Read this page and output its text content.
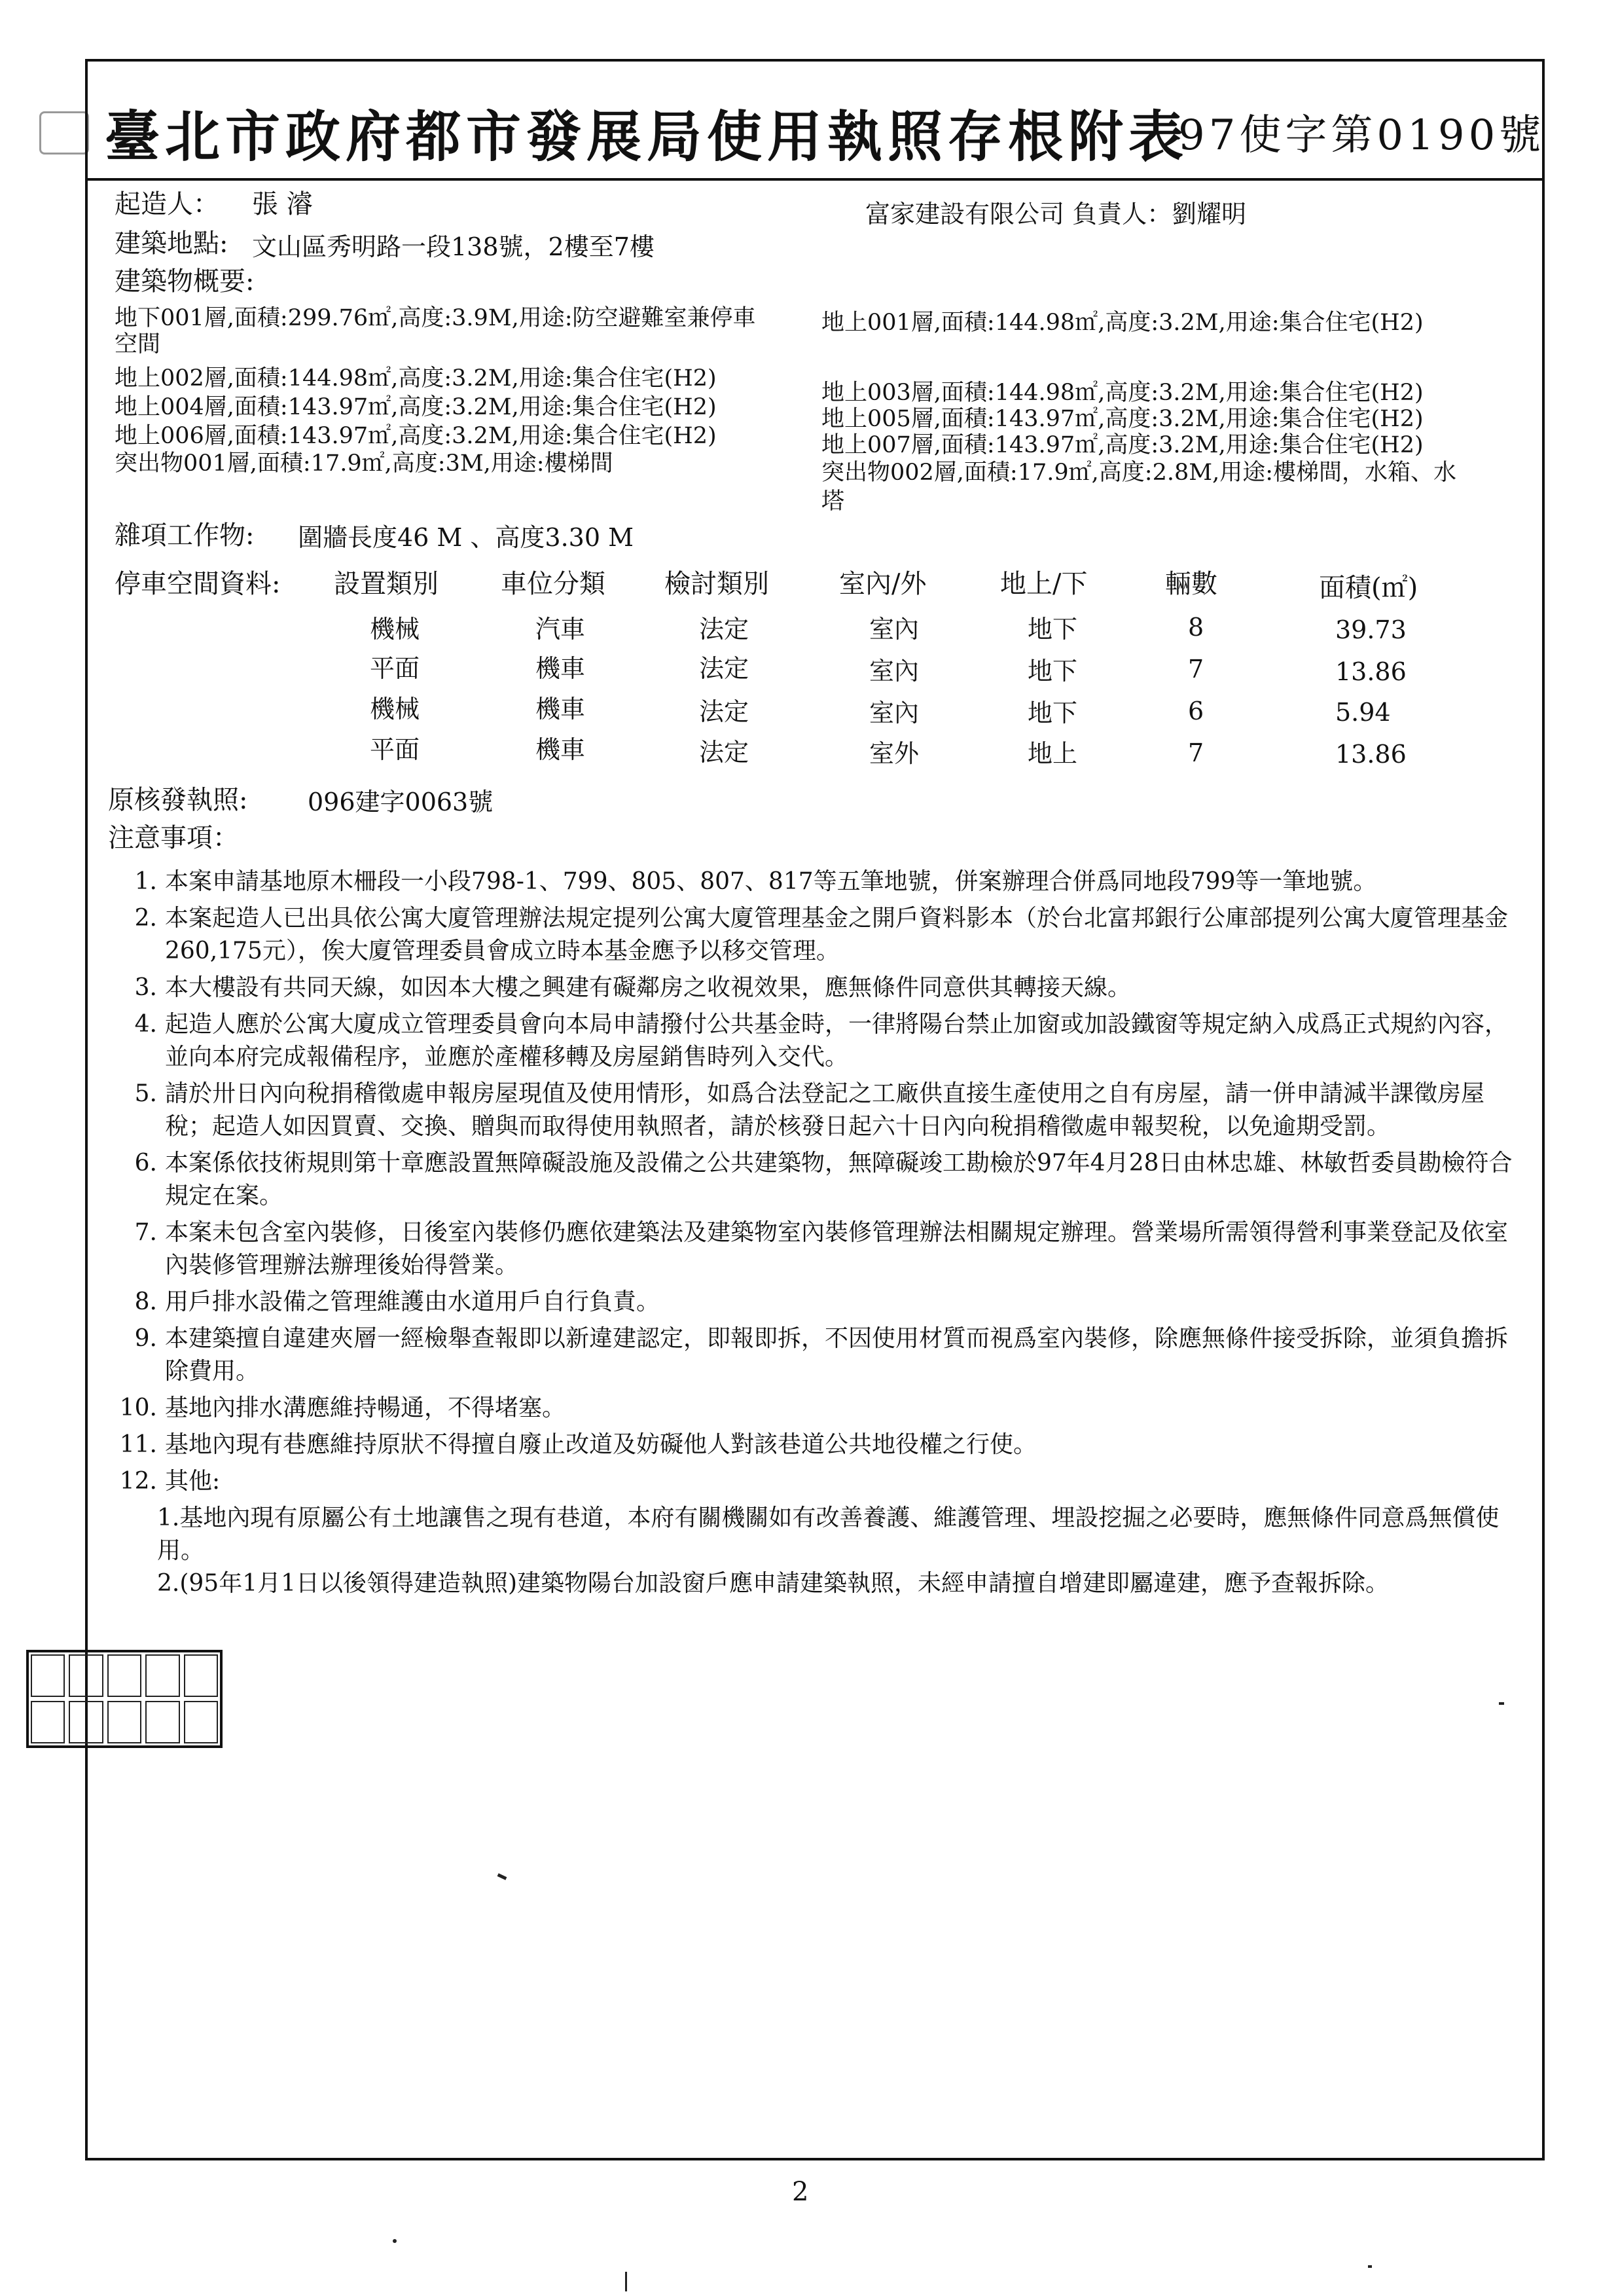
臺北市政府都市發展局使用執照存根附表
97使字第0190號
起造人： 張 濬	富家建設有限公司 負責人：劉耀明
建築地點: 文山區秀明路一段138號，2樓至7樓
建築物概要:
地下001層,面積:299.76㎡,高度:3.9M,用途:防空避難室兼停車
空間
地上002層,面積:144.98㎡,高度:3.2M,用途:集合住宅(H2)
地上004層,面積:143.97㎡,高度:3.2M,用途:集合住宅(H2)
地上006層,面積:143.97㎡,高度:3.2M,用途:集合住宅(H2)
突出物001層,面積:17.9㎡,高度:3M,用途:樓梯間
地上001層,面積:144.98㎡,高度:3.2M,用途:集合住宅(H2)
地上003層,面積:144.98㎡,高度:3.2M,用途:集合住宅(H2)
地上005層,面積:143.97㎡,高度:3.2M,用途:集合住宅(H2)
地上007層,面積:143.97㎡,高度:3.2M,用途:集合住宅(H2)
突出物002層,面積:17.9㎡,高度:2.8M,用途:樓梯間，水箱、水
塔
雜項工作物: 圍牆長度46 M 、高度3.30 M
停車空間資料: 設置類別 車位分類 檢討類別	室內/外	地上/下	輛數	面積(㎡)
機械	汽車	法定	室內	地下	8	39.73
平面	機車	法定	室內	地下	7	13.86
機械	機車	法定	室內	地下	6	5.94
平面	機車	法定	室外	地上	7	13.86
原核發執照: 096建字0063號
注意事項：
1. 本案申請基地原木柵段一小段798-1、799、805、807、817等五筆地號，併案辦理合併爲同地段799等一筆地號。
2. 本案起造人已出具依公寓大廈管理辦法規定提列公寓大廈管理基金之開戶資料影本（於台北富邦銀行公庫部提列公寓大廈管理基金260,175元），俟大廈管理委員會成立時本基金應予以移交管理。
3. 本大樓設有共同天線，如因本大樓之興建有礙鄰房之收視效果，應無條件同意供其轉接天線。
4. 起造人應於公寓大廈成立管理委員會向本局申請撥付公共基金時，一律將陽台禁止加窗或加設鐵窗等規定納入成爲正式規約內容，並向本府完成報備程序，並應於產權移轉及房屋銷售時列入交代。
5. 請於卅日內向稅捐稽徵處申報房屋現值及使用情形，如爲合法登記之工廠供直接生產使用之自有房屋，請一併申請減半課徵房屋稅；起造人如因買賣、交換、贈與而取得使用執照者，請於核發日起六十日內向稅捐稽徵處申報契稅，以免逾期受罰。
6. 本案係依技術規則第十章應設置無障礙設施及設備之公共建築物，無障礙竣工勘檢於97年4月28日由林忠雄、林敏哲委員勘檢符合規定在案。
7. 本案未包含室內裝修，日後室內裝修仍應依建築法及建築物室內裝修管理辦法相關規定辦理。營業場所需領得營利事業登記及依室內裝修管理辦法辦理後始得營業。
8. 用戶排水設備之管理維護由水道用戶自行負責。
9. 本建築擅自違建夾層一經檢舉查報即以新違建認定，即報即拆，不因使用材質而視爲室內裝修，除應無條件接受拆除，並須負擔拆除費用。
10. 基地內排水溝應維持暢通，不得堵塞。
11. 基地內現有巷應維持原狀不得擅自廢止改道及妨礙他人對該巷道公共地役權之行使。
12. 其他:
1.基地內現有原屬公有土地讓售之現有巷道，本府有關機關如有改善養護、維護管理、埋設挖掘之必要時，應無條件同意爲無償使用。
2.(95年1月1日以後領得建造執照)建築物陽台加設窗戶應申請建築執照，未經申請擅自增建即屬違建，應予查報拆除。
2
